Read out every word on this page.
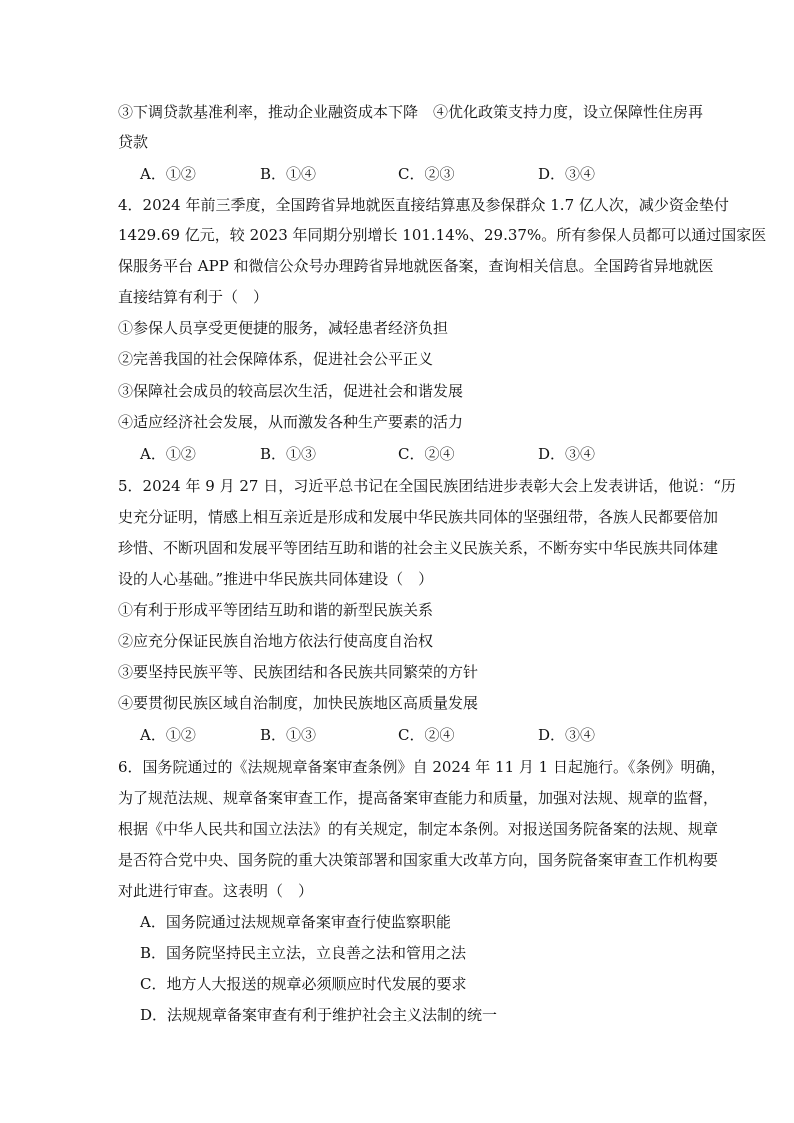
③下调贷款基准利率，推动企业融资成本下降　④优化政策支持力度，设立保障性住房再
贷款
A．①②	B．①④	C．②③	D．③④
4．2024 年前三季度，全国跨省异地就医直接结算惠及参保群众 1.7 亿人次，减少资金垫付
1429.69 亿元，较 2023 年同期分别增长 101.14%、29.37%。所有参保人员都可以通过国家医
保服务平台 APP 和微信公众号办理跨省异地就医备案，查询相关信息。全国跨省异地就医
直接结算有利于（　）
①参保人员享受更便捷的服务，减轻患者经济负担
②完善我国的社会保障体系，促进社会公平正义
③保障社会成员的较高层次生活，促进社会和谐发展
④适应经济社会发展，从而激发各种生产要素的活力
A．①②	B．①③	C．②④	D．③④
5．2024 年 9 月 27 日，习近平总书记在全国民族团结进步表彰大会上发表讲话，他说：“历
史充分证明，情感上相互亲近是形成和发展中华民族共同体的坚强纽带，各族人民都要倍加
珍惜、不断巩固和发展平等团结互助和谐的社会主义民族关系，不断夯实中华民族共同体建
设的人心基础。”推进中华民族共同体建设（　）
①有利于形成平等团结互助和谐的新型民族关系
②应充分保证民族自治地方依法行使高度自治权
③要坚持民族平等、民族团结和各民族共同繁荣的方针
④要贯彻民族区域自治制度，加快民族地区高质量发展
A．①②	B．①③	C．②④	D．③④
6．国务院通过的《法规规章备案审查条例》自 2024 年 11 月 1 日起施行。《条例》明确，
为了规范法规、规章备案审查工作，提高备案审查能力和质量，加强对法规、规章的监督，
根据《中华人民共和国立法法》的有关规定，制定本条例。对报送国务院备案的法规、规章
是否符合党中央、国务院的重大决策部署和国家重大改革方向，国务院备案审查工作机构要
对此进行审查。这表明（　）
A．国务院通过法规规章备案审查行使监察职能
B．国务院坚持民主立法，立良善之法和管用之法
C．地方人大报送的规章必须顺应时代发展的要求
D．法规规章备案审查有利于维护社会主义法制的统一
